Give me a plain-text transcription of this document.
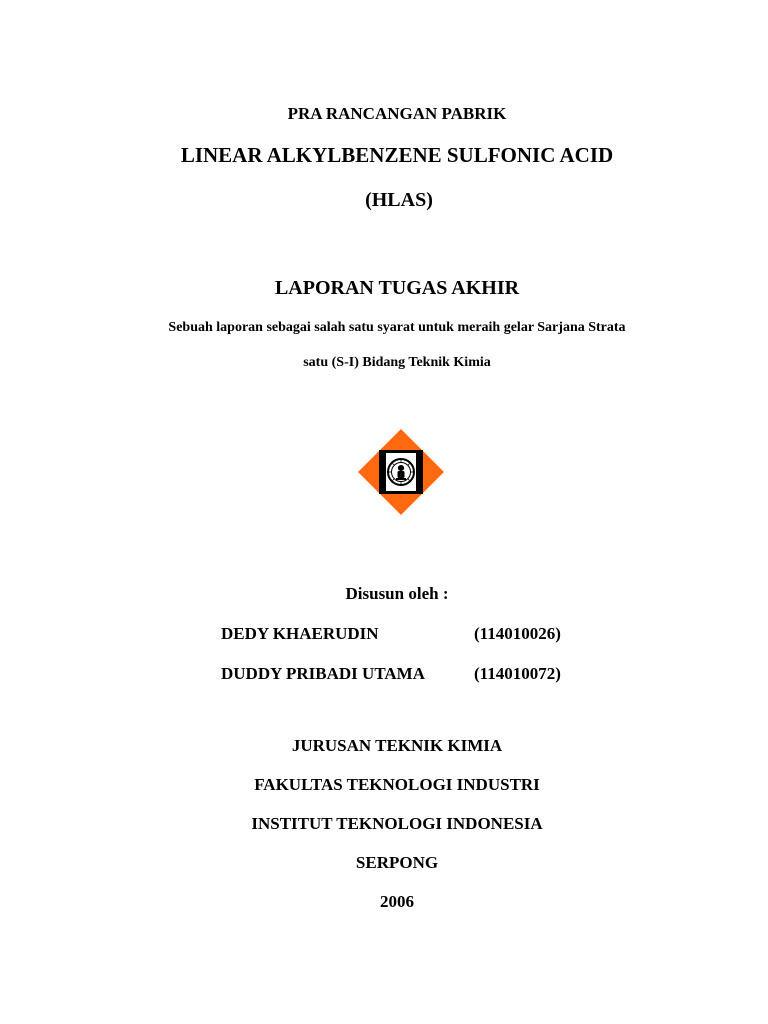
PRA RANCANGAN PABRIK
LINEAR ALKYLBENZENE SULFONIC ACID
(HLAS)
LAPORAN TUGAS AKHIR
Sebuah laporan sebagai salah satu syarat untuk meraih gelar Sarjana Strata
satu (S-I) Bidang Teknik Kimia
Disusun oleh :
DEDY KHAERUDIN	(114010026)
DUDDY PRIBADI UTAMA	(114010072)
JURUSAN TEKNIK KIMIA
FAKULTAS TEKNOLOGI INDUSTRI
INSTITUT TEKNOLOGI INDONESIA
SERPONG
2006
